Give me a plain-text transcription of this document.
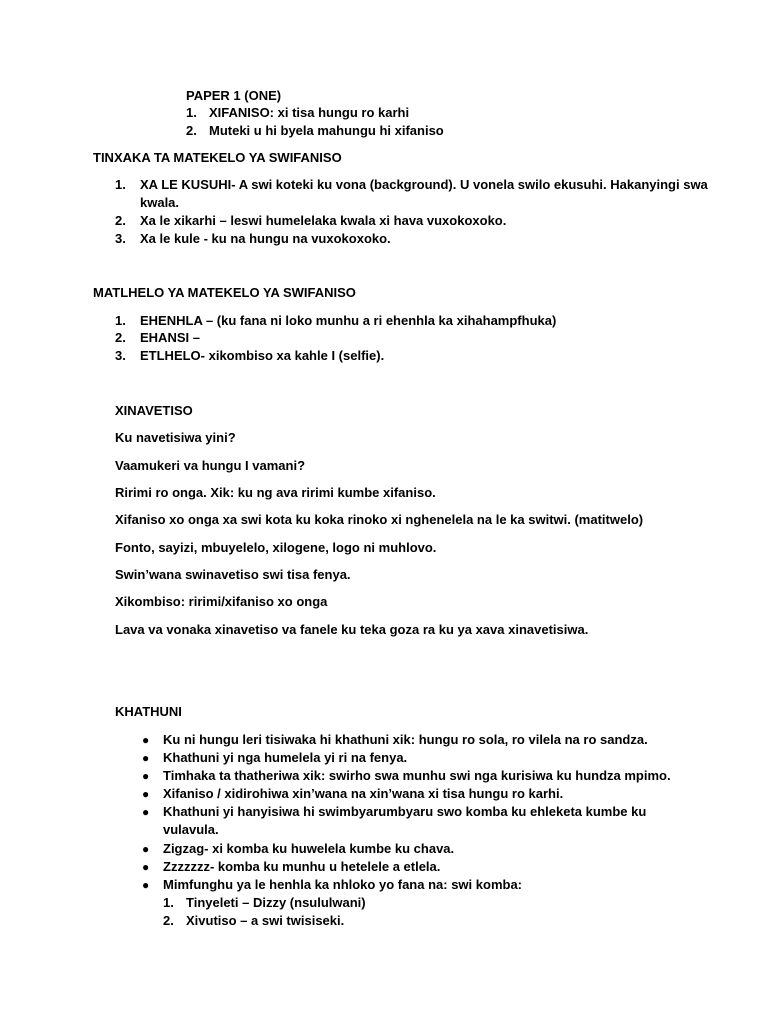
PAPER 1 (ONE)
1. XIFANISO: xi tisa hungu ro karhi
2. Muteki u hi byela mahungu hi xifaniso
TINXAKA TA MATEKELO YA SWIFANISO
1.	XA LE KUSUHI- A swi koteki ku vona (background). U vonela swilo ekusuhi. Hakanyingi swa
kwala.
2.	Xa le xikarhi – leswi humelelaka kwala xi hava vuxokoxoko.
3.	Xa le kule - ku na hungu na vuxokoxoko.
MATLHELO YA MATEKELO YA SWIFANISO
1.	EHENHLA – (ku fana ni loko munhu a ri ehenhla ka xihahampfhuka)
2.	EHANSI –
3.	ETLHELO- xikombiso xa kahle I (selfie).
XINAVETISO
Ku navetisiwa yini?
Vaamukeri va hungu I vamani?
Ririmi ro onga. Xik: ku ng ava ririmi kumbe xifaniso.
Xifaniso xo onga xa swi kota ku koka rinoko xi nghenelela na le ka switwi. (matitwelo)
Fonto, sayizi, mbuyelelo, xilogene, logo ni muhlovo.
Swin’wana swinavetiso swi tisa fenya.
Xikombiso: ririmi/xifaniso xo onga
Lava va vonaka xinavetiso va fanele ku teka goza ra ku ya xava xinavetisiwa.
KHATHUNI
● Ku ni hungu leri tisiwaka hi khathuni xik: hungu ro sola, ro vilela na ro sandza.
● Khathuni yi nga humelela yi ri na fenya.
● Timhaka ta thatheriwa xik: swirho swa munhu swi nga kurisiwa ku hundza mpimo.
● Xifaniso / xidirohiwa xin’wana na xin’wana xi tisa hungu ro karhi.
● Khathuni yi hanyisiwa hi swimbyarumbyaru swo komba ku ehleketa kumbe ku
vulavula.
● Zigzag- xi komba ku huwelela kumbe ku chava.
● Zzzzzzz- komba ku munhu u hetelele a etlela.
● Mimfunghu ya le henhla ka nhloko yo fana na: swi komba:
1. Tinyeleti – Dizzy (nsululwani)
2. Xivutiso – a swi twisiseki.
